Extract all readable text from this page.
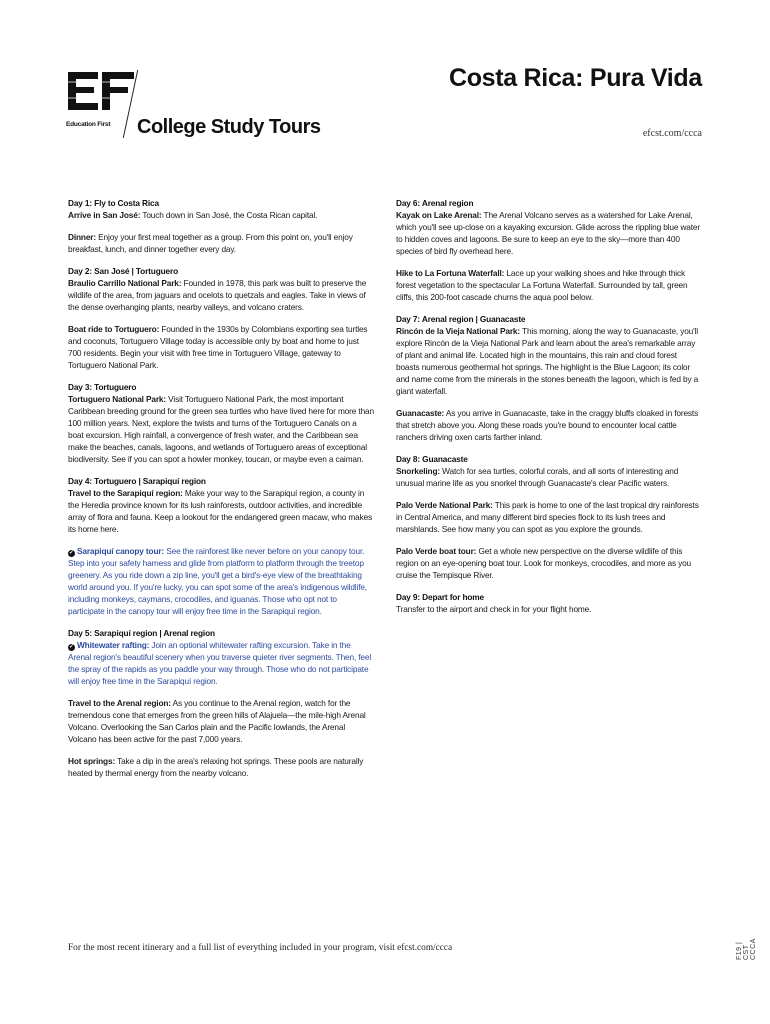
Education First	College Study Tours
Costa Rica: Pura Vida
efcst.com/ccca
Day 1: Fly to Costa Rica
Arrive in San José: Touch down in San José, the Costa Rican capital.
Dinner: Enjoy your first meal together as a group. From this point on, you'll enjoy breakfast, lunch, and dinner together every day.
Day 2: San José | Tortuguero
Braulio Carrillo National Park: Founded in 1978, this park was built to preserve the wildlife of the area, from jaguars and ocelots to quetzals and eagles. Take in views of the dense overhanging plants, nearby valleys, and volcano craters.
Boat ride to Tortuguero: Founded in the 1930s by Colombians exporting sea turtles and coconuts, Tortuguero Village today is accessible only by boat and home to just 700 residents. Begin your visit with free time in Tortuguero Village, gateway to Tortuguero National Park.
Day 3: Tortuguero
Tortuguero National Park: Visit Tortuguero National Park, the most important Caribbean breeding ground for the green sea turtles who have lived here for more than 100 million years. Next, explore the twists and turns of the Tortuguero Canals on a boat excursion. High rainfall, a convergence of fresh water, and the Caribbean sea make the beaches, canals, lagoons, and wetlands of Tortuguero areas of exceptional biodiversity. See if you can spot a howler monkey, toucan, or maybe even a caiman.
Day 4: Tortuguero | Sarapiquí region
Travel to the Sarapiquí region: Make your way to the Sarapiquí region, a county in the Heredia province known for its lush rainforests, outdoor activities, and incredible array of flora and fauna. Keep a lookout for the endangered green macaw, who makes its home here.
✓ Sarapiquí canopy tour: See the rainforest like never before on your canopy tour. Step into your safety harness and glide from platform to platform through the treetop greenery. As you ride down a zip line, you'll get a bird's-eye view of the breathtaking world around you. If you're lucky, you can spot some of the area's indigenous wildlife, including monkeys, caymans, crocodiles, and iguanas. Those who opt not to participate in the canopy tour will enjoy free time in the Sarapiquí region.
Day 5: Sarapiquí region | Arenal region
✓ Whitewater rafting: Join an optional whitewater rafting excursion. Take in the Arenal region's beautiful scenery when you traverse quieter river segments. Then, feel the spray of the rapids as you paddle your way through. Those who do not participate will enjoy free time in the Sarapiquí region.
Travel to the Arenal region: As you continue to the Arenal region, watch for the tremendous cone that emerges from the green hills of Alajuela—the mile-high Arenal Volcano. Overlooking the San Carlos plain and the Pacific lowlands, the Arenal Volcano has been active for the past 7,000 years.
Hot springs: Take a dip in the area's relaxing hot springs. These pools are naturally heated by thermal energy from the nearby volcano.
Day 6: Arenal region
Kayak on Lake Arenal: The Arenal Volcano serves as a watershed for Lake Arenal, which you'll see up-close on a kayaking excursion. Glide across the rippling blue water to hidden coves and lagoons. Be sure to keep an eye to the sky—more than 400 species of bird fly overhead here.
Hike to La Fortuna Waterfall: Lace up your walking shoes and hike through thick forest vegetation to the spectacular La Fortuna Waterfall. Surrounded by tall, green cliffs, this 200-foot cascade churns the aqua pool below.
Day 7: Arenal region | Guanacaste
Rincón de la Vieja National Park: This morning, along the way to Guanacaste, you'll explore Rincón de la Vieja National Park and learn about the area's remarkable array of plant and animal life. Located high in the mountains, this rain and cloud forest boasts numerous geothermal hot springs. The highlight is the Blue Lagoon; its color and name come from the minerals in the stones beneath the lagoon, which is fed by a giant waterfall.
Guanacaste: As you arrive in Guanacaste, take in the craggy bluffs cloaked in forests that stretch above you. Along these roads you're bound to encounter local cattle ranchers driving oxen carts farther inland.
Day 8: Guanacaste
Snorkeling: Watch for sea turtles, colorful corals, and all sorts of interesting and unusual marine life as you snorkel through Guanacaste's clear Pacific waters.
Palo Verde National Park: This park is home to one of the last tropical dry rainforests in Central America, and many different bird species flock to its lush trees and marshlands. See how many you can spot as you explore the grounds.
Palo Verde boat tour: Get a whole new perspective on the diverse wildlife of this region on an eye-opening boat tour. Look for monkeys, crocodiles, and more as you cruise the Tempisque River.
Day 9: Depart for home
Transfer to the airport and check in for your flight home.
For the most recent itinerary and a full list of everything included in your program, visit efcst.com/ccca	F19 | CST CCCA
